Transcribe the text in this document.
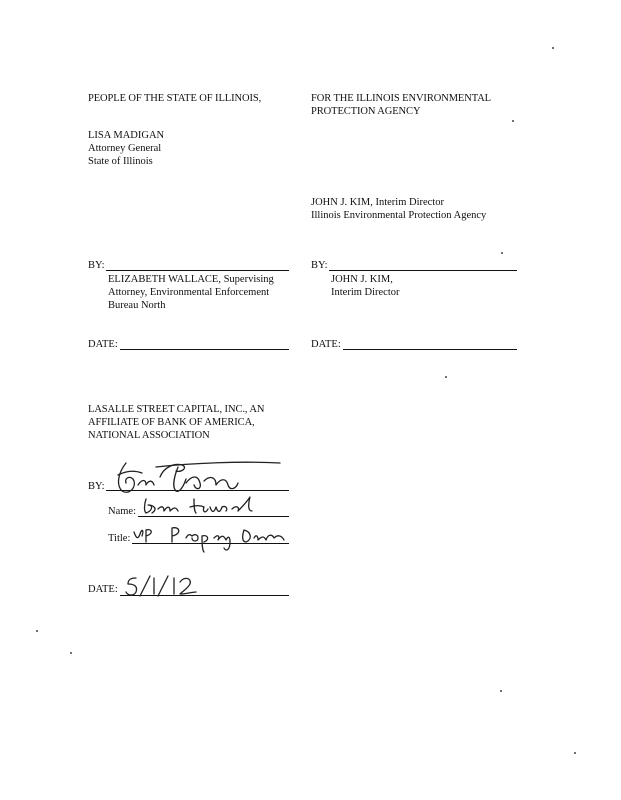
PEOPLE OF THE STATE OF ILLINOIS,
LISA MADIGAN
Attorney General
State of Illinois
BY:
ELIZABETH WALLACE, Supervising
Attorney, Environmental Enforcement
Bureau North
DATE:
FOR THE ILLINOIS ENVIRONMENTAL
PROTECTION AGENCY
JOHN J. KIM, Interim Director
Illinois Environmental Protection Agency
BY:
JOHN J. KIM,
Interim Director
DATE:
LASALLE STREET CAPITAL, INC., AN
AFFILIATE OF BANK OF AMERICA,
NATIONAL ASSOCIATION
BY:
Name:
Title:
DATE:
